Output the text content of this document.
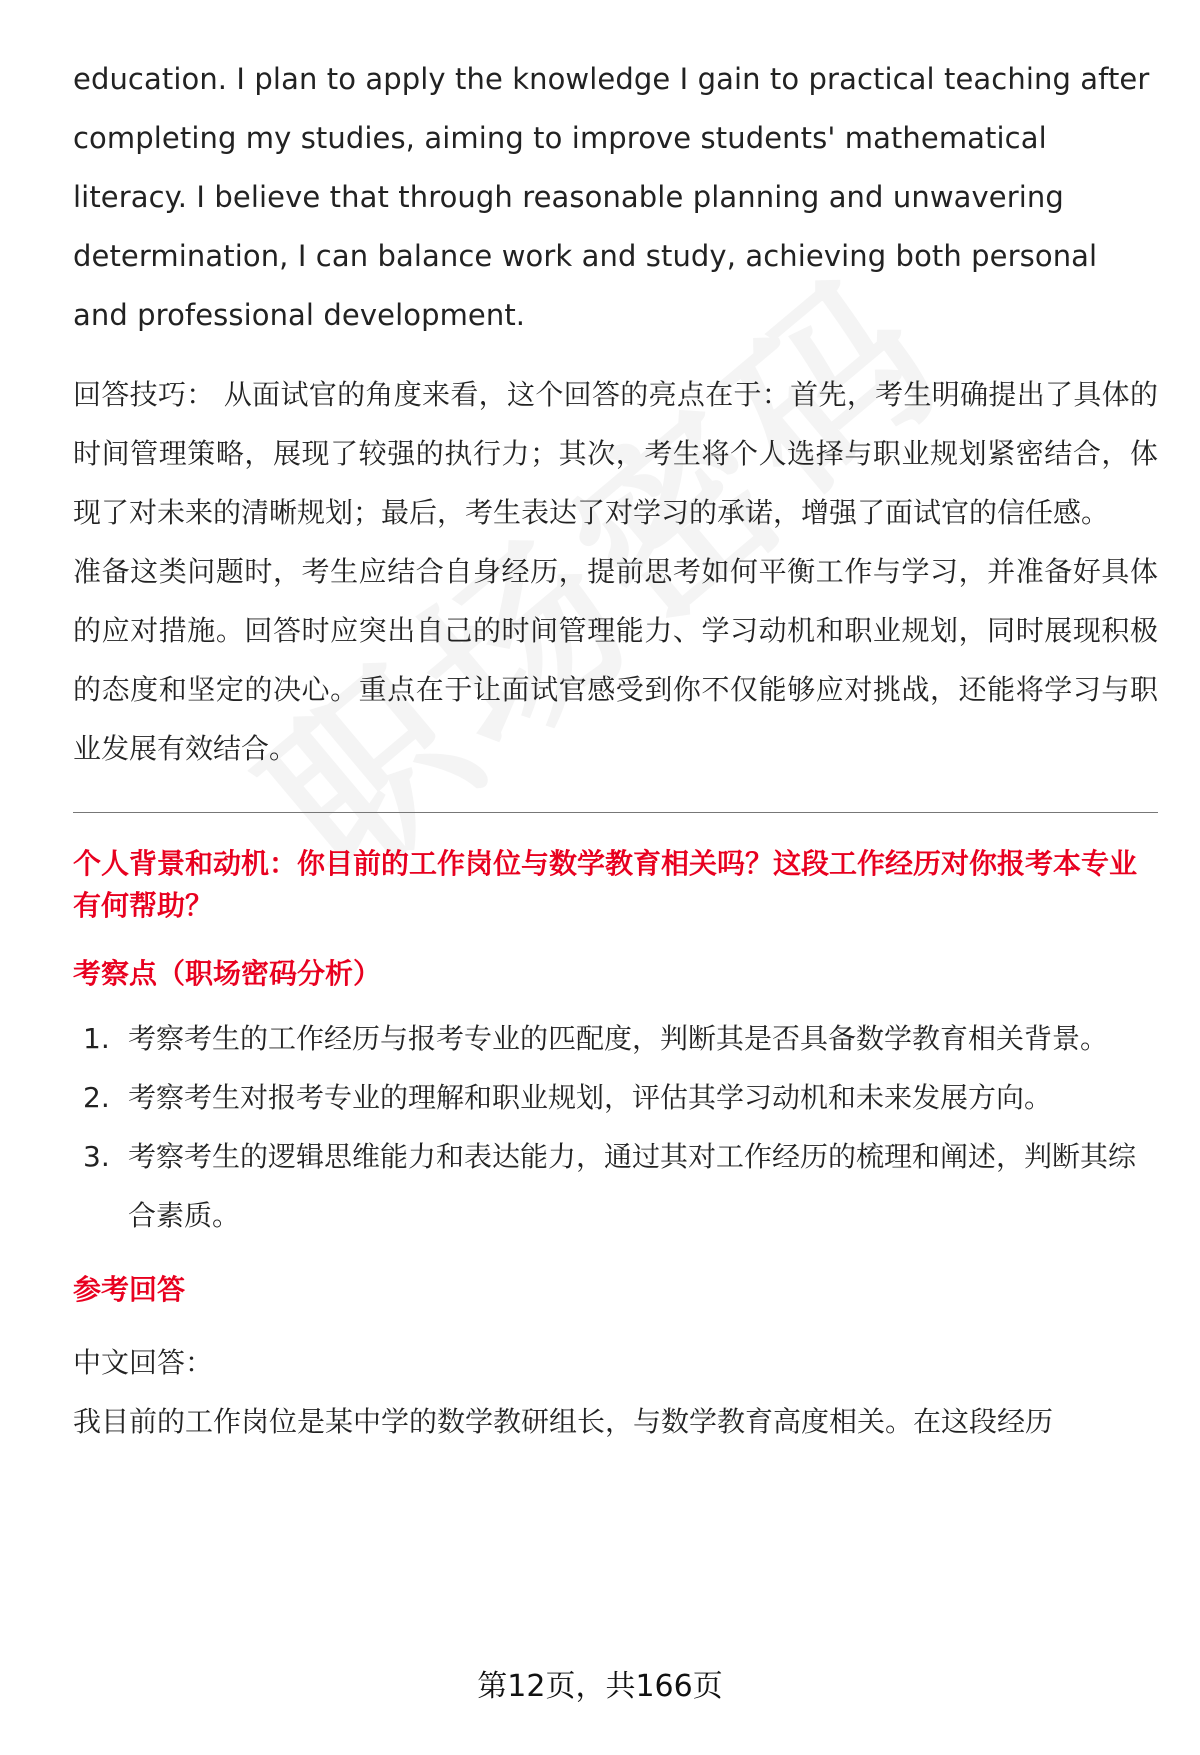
education. I plan to apply the knowledge I gain to practical teaching after completing my studies, aiming to improve students' mathematical literacy. I believe that through reasonable planning and unwavering determination, I can balance work and study, achieving both personal and professional development.

回答技巧： 从面试官的角度来看，这个回答的亮点在于：首先，考生明确提出了具体的时间管理策略，展现了较强的执行力；其次，考生将个人选择与职业规划紧密结合，体现了对未来的清晰规划；最后，考生表达了对学习的承诺，增强了面试官的信任感。

准备这类问题时，考生应结合自身经历，提前思考如何平衡工作与学习，并准备好具体的应对措施。回答时应突出自己的时间管理能力、学习动机和职业规划，同时展现积极的态度和坚定的决心。重点在于让面试官感受到你不仅能够应对挑战，还能将学习与职业发展有效结合。

个人背景和动机：你目前的工作岗位与数学教育相关吗？这段工作经历对你报考本专业有何帮助？
考察点（职场密码分析）
1. 考察考生的工作经历与报考专业的匹配度，判断其是否具备数学教育相关背景。
2. 考察考生对报考专业的理解和职业规划，评估其学习动机和未来发展方向。
3. 考察考生的逻辑思维能力和表达能力，通过其对工作经历的梳理和阐述，判断其综合素质。
参考回答
中文回答：

我目前的工作岗位是某中学的数学教研组长，与数学教育高度相关。在这段经历

第12页，共166页
